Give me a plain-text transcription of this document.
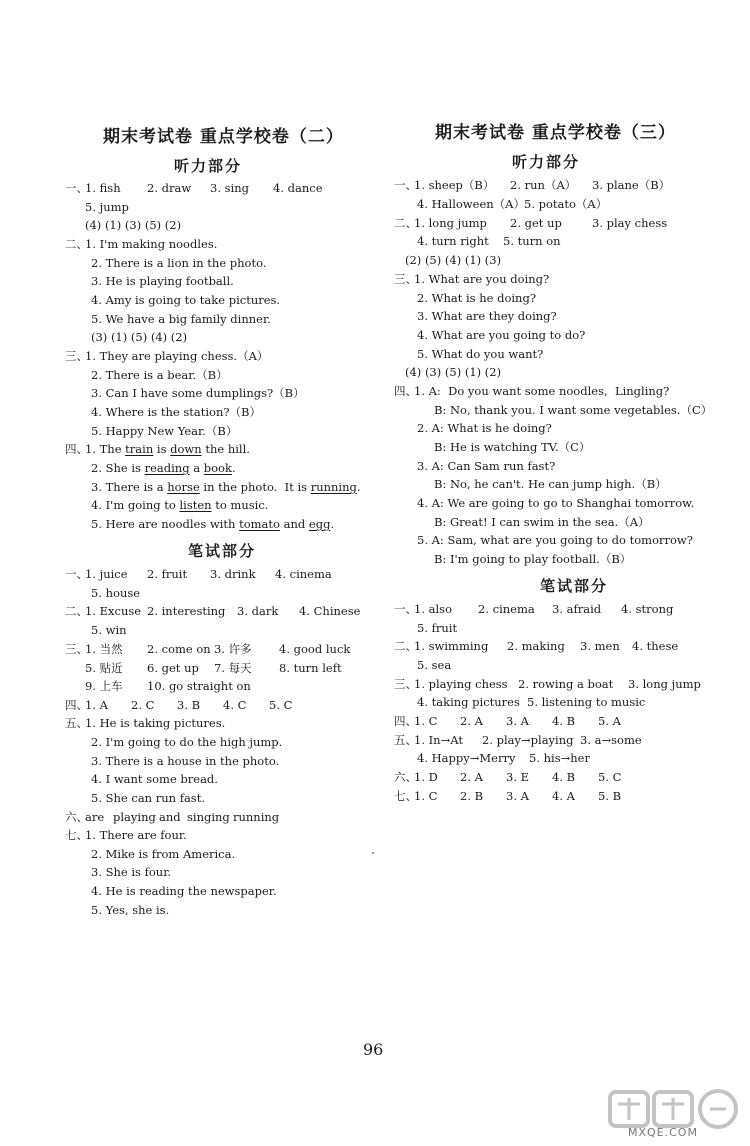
期末考试卷 重点学校卷（二）
听力部分
一、
1. fish	2. draw	3. sing	4. dance
5. jump
(4) (1) (3) (5) (2)
二、
1. I'm making noodles.
2. There is a lion in the photo.
3. He is playing football.
4. Amy is going to take pictures.
5. We have a big family dinner.
(3) (1) (5) (4) (2)
三、
1. They are playing chess.（A）
2. There is a bear.（B）
3. Can I have some dumplings?（B）
4. Where is the station?（B）
5. Happy New Year.（B）
四、
1. The train is down the hill.
2. She is reading a book .
3. There is a horse in the photo.  It is running .
4. I'm going to listen to music.
5. Here are noodles with tomato and egg .
笔试部分
一、
1. juice	2. fruit	3. drink	4. cinema
5. house
二、
1. Excuse 2. interesting	3. dark	4. Chinese
5. win
三、
1. 当然	2. come on 3. 许多	4. good luck
5. 贴近	6. get up	7. 每天	8. turn left
9. 上车	10. go straight on
四、
1. A	2. C	3. B	4. C	5. C
五、
1. He is taking pictures.
2. I'm going to do the high jump.
3. There is a house in the photo.
4. I want some bread.
5. She can run fast.
六、
are playing and singing running
七、
1. There are four.
2. Mike is from America.
3. She is four.
4. He is reading the newspaper.
5. Yes, she is.
期末考试卷 重点学校卷（三）
听力部分
一、
1. sheep（B）	2. run（A）	3. plane（B）
4. Halloween（A） 5. potato（A）
二、
1. long jump	2. get up	3. play chess
4. turn right	5. turn on
(2) (5) (4) (1) (3)
三、
1. What are you doing?
2. What is he doing?
3. What are they doing?
4. What are you going to do?
5. What do you want?
(4) (3) (5) (1) (2)
四、
1. A:  Do you want some noodles,  Lingling?
B: No, thank you. I want some vegetables.（C）
2. A: What is he doing?
B: He is watching TV.（C）
3. A: Can Sam run fast?
B: No, he can't. He can jump high.（B）
4. A: We are going to go to Shanghai tomorrow.
B: Great! I can swim in the sea.（A）
5. A: Sam, what are you going to do tomorrow?
B: I'm going to play football.（B）
笔试部分
一、
1. also	2. cinema	3. afraid	4. strong
5. fruit
二、
1. swimming	2. making	3. men	4. these
5. sea
三、
1. playing chess 2. rowing a boat	3. long jump
4. taking pictures 5. listening to music
四、
1. C	2. A	3. A	4. B	5. A
五、
1. In→At	2. play→playing 3. a→some
4. Happy→Merry	5. his→her
六、
1. D	2. A	3. E	4. B	5. C
七、
1. C	2. B	3. A	4. A	5. B
96
MXQE.COM
